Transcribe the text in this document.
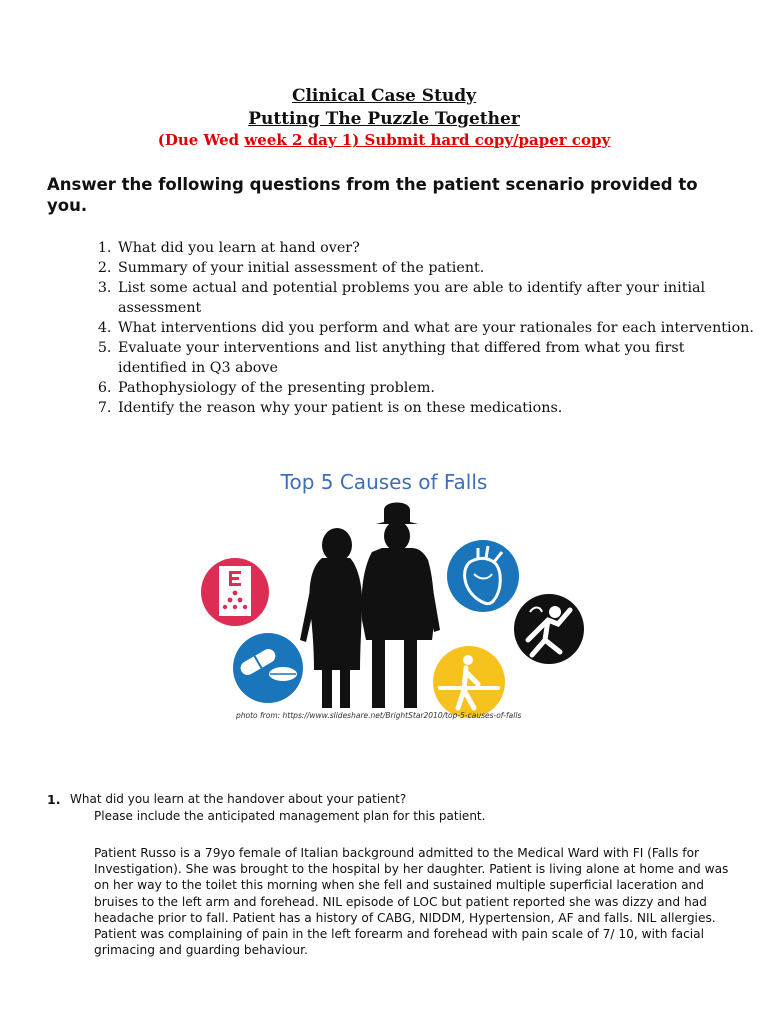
Clinical Case Study
Putting The Puzzle Together
(Due Wed week 2 day 1) Submit hard copy/paper copy
Answer the following questions from the patient scenario provided to you.
1. What did you learn at hand over?
2. Summary of your initial assessment of the patient.
3. List some actual and potential problems you are able to identify after your initial assessment
4. What interventions did you perform and what are your rationales for each intervention.
5. Evaluate your interventions and list anything that differed from what you first identified in Q3 above
6. Pathophysiology of the presenting problem.
7. Identify the reason why your patient is on these medications.
Top 5 Causes of Falls
photo from: https://www.slideshare.net/BrightStar2010/top-5-causes-of-falls
1. What did you learn at the handover about your patient?
Please include the anticipated management plan for this patient.
Patient Russo is a 79yo female of Italian background admitted to the Medical Ward with FI (Falls for Investigation). She was brought to the hospital by her daughter. Patient is living alone at home and was on her way to the toilet this morning when she fell and sustained multiple superficial laceration and bruises to the left arm and forehead. NIL episode of LOC but patient reported she was dizzy and had headache prior to fall. Patient has a history of CABG, NIDDM, Hypertension, AF and falls. NIL allergies. Patient was complaining of pain in the left forearm and forehead with pain scale of 7/ 10, with facial grimacing and guarding behaviour.
